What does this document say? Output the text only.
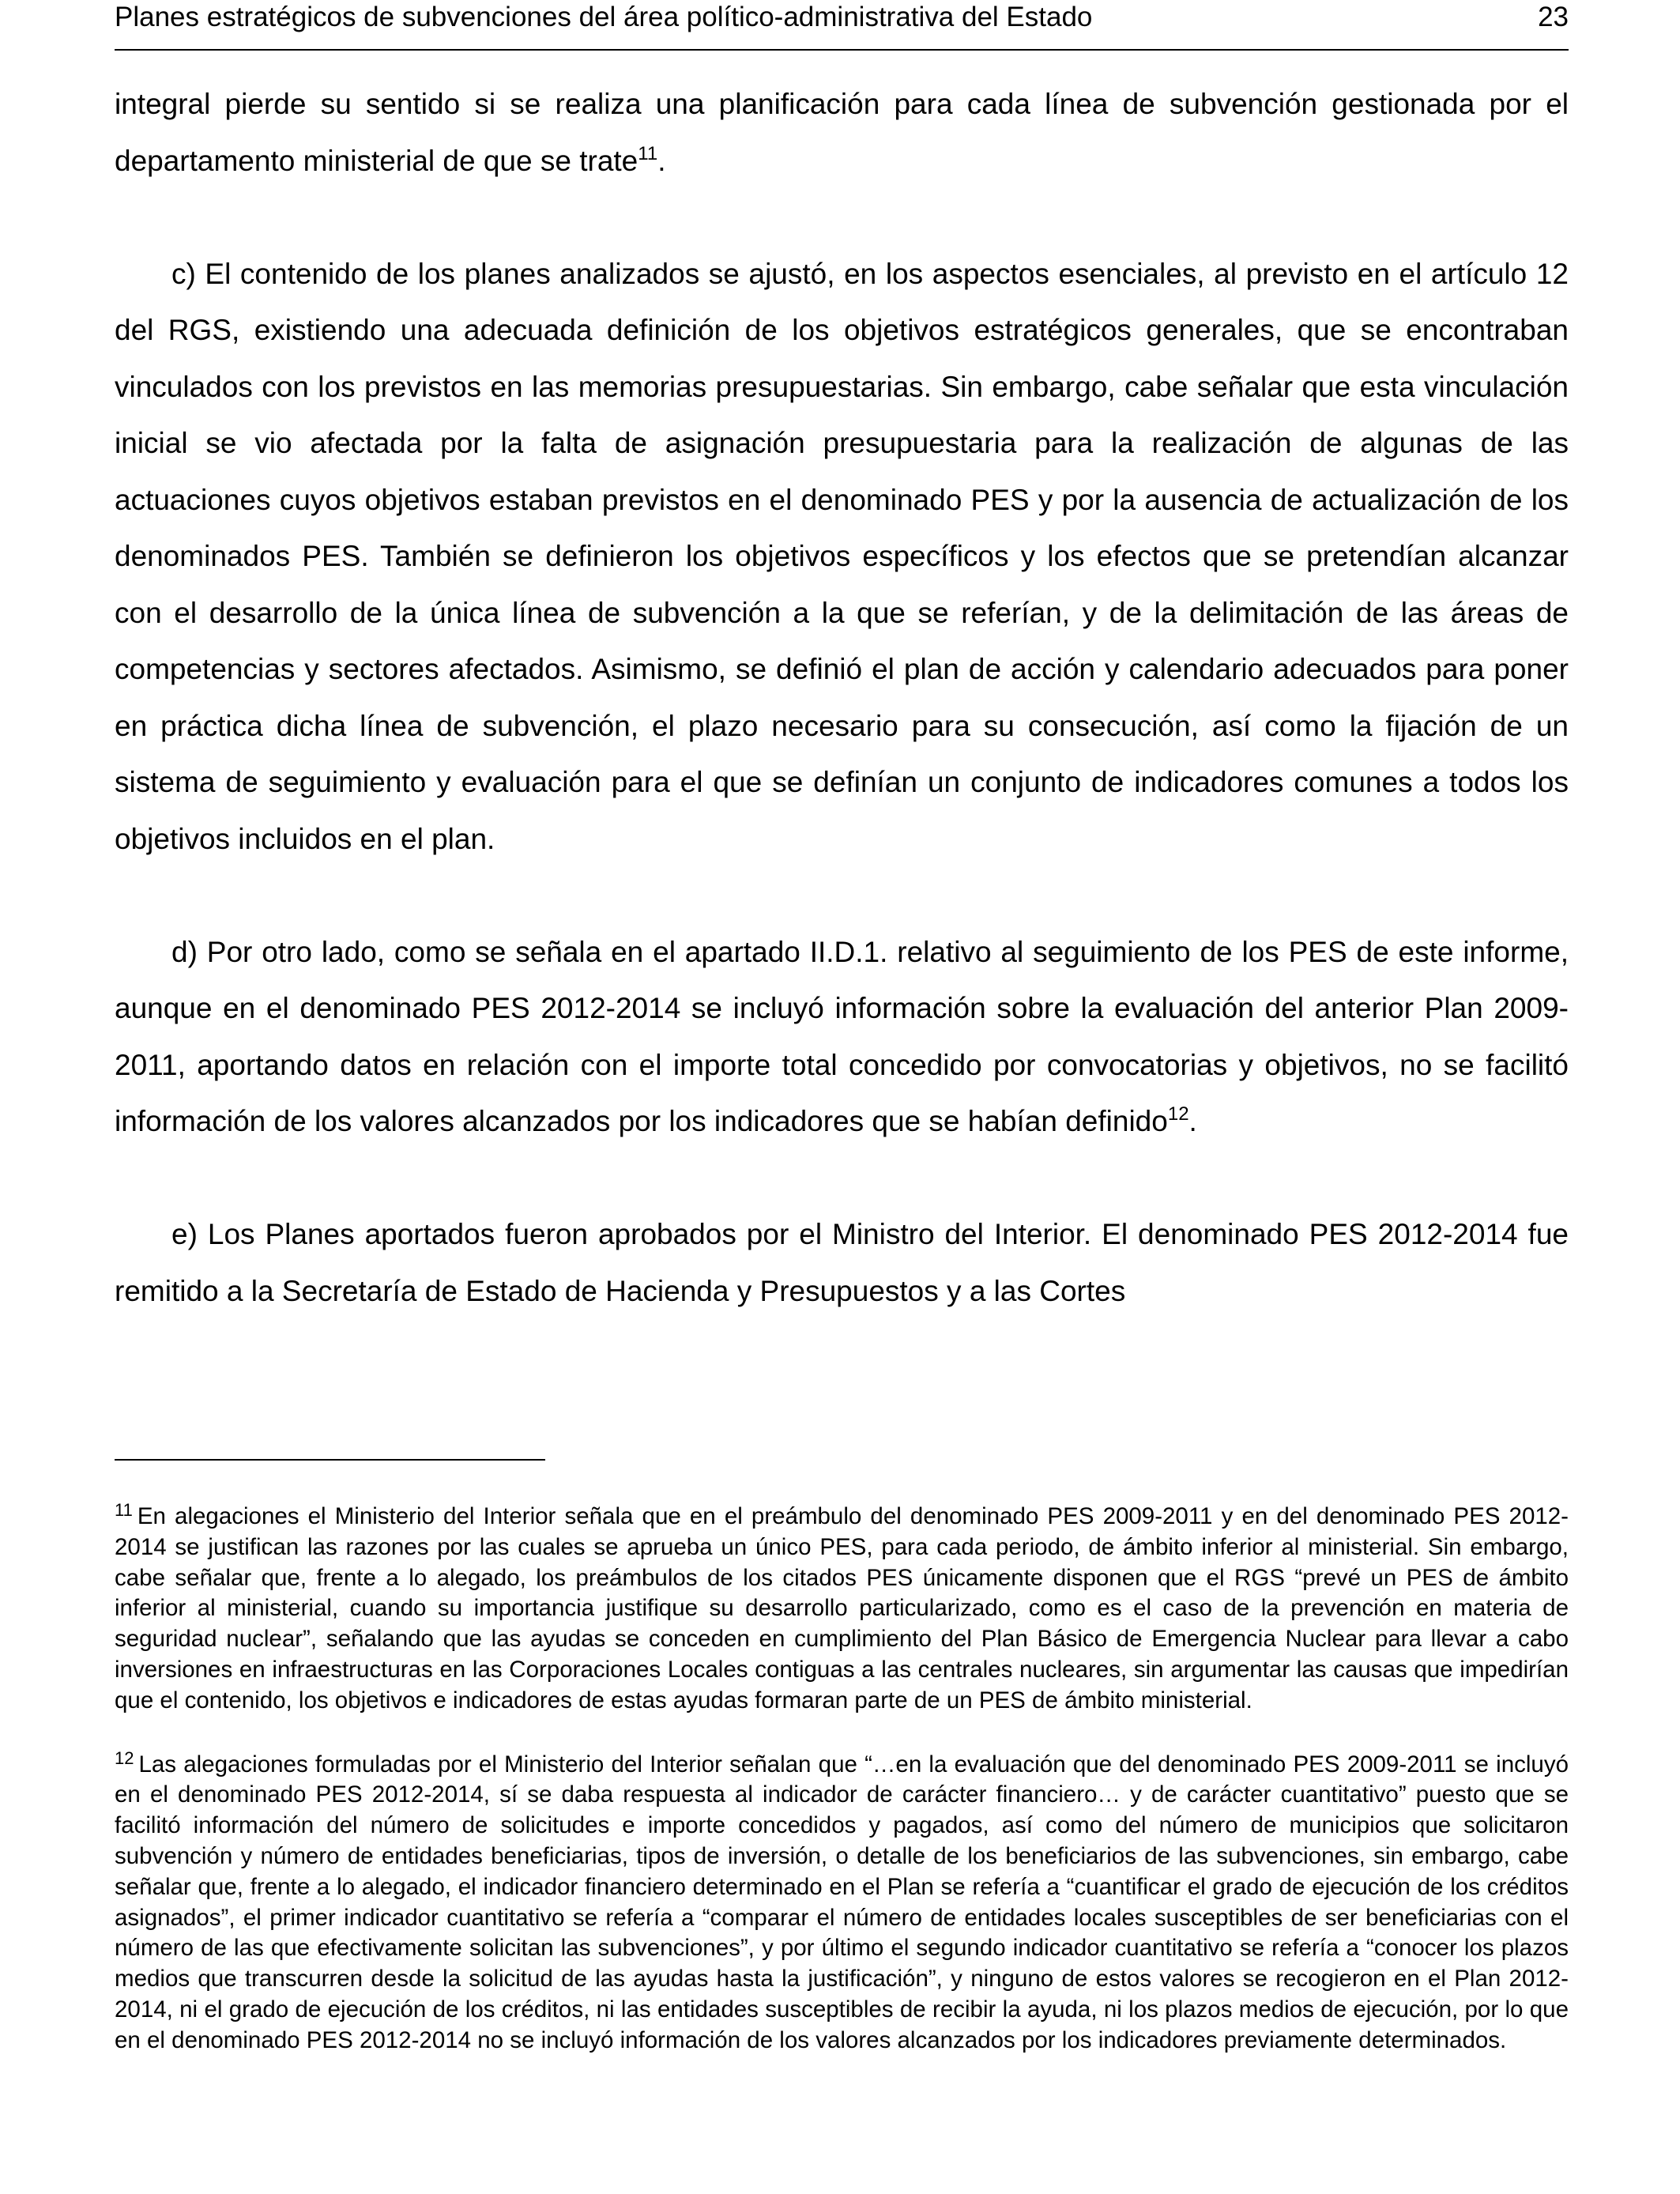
Planes estratégicos de subvenciones del área político-administrativa del Estado	23

integral pierde su sentido si se realiza una planificación para cada línea de subvención gestionada por el departamento ministerial de que se trate$^{11}$.

c) El contenido de los planes analizados se ajustó, en los aspectos esenciales, al previsto en el artículo 12 del RGS, existiendo una adecuada definición de los objetivos estratégicos generales, que se encontraban vinculados con los previstos en las memorias presupuestarias. Sin embargo, cabe señalar que esta vinculación inicial se vio afectada por la falta de asignación presupuestaria para la realización de algunas de las actuaciones cuyos objetivos estaban previstos en el denominado PES y por la ausencia de actualización de los denominados PES. También se definieron los objetivos específicos y los efectos que se pretendían alcanzar con el desarrollo de la única línea de subvención a la que se referían, y de la delimitación de las áreas de competencias y sectores afectados. Asimismo, se definió el plan de acción y calendario adecuados para poner en práctica dicha línea de subvención, el plazo necesario para su consecución, así como la fijación de un sistema de seguimiento y evaluación para el que se definían un conjunto de indicadores comunes a todos los objetivos incluidos en el plan.

d) Por otro lado, como se señala en el apartado II.D.1. relativo al seguimiento de los PES de este informe, aunque en el denominado PES 2012-2014 se incluyó información sobre la evaluación del anterior Plan 2009-2011, aportando datos en relación con el importe total concedido por convocatorias y objetivos, no se facilitó información de los valores alcanzados por los indicadores que se habían definido$^{12}$.

e) Los Planes aportados fueron aprobados por el Ministro del Interior. El denominado PES 2012-2014 fue remitido a la Secretaría de Estado de Hacienda y Presupuestos y a las Cortes

$^{11}$ En alegaciones el Ministerio del Interior señala que en el preámbulo del denominado PES 2009-2011 y en del denominado PES 2012-2014 se justifican las razones por las cuales se aprueba un único PES, para cada periodo, de ámbito inferior al ministerial. Sin embargo, cabe señalar que, frente a lo alegado, los preámbulos de los citados PES únicamente disponen que el RGS “prevé un PES de ámbito inferior al ministerial, cuando su importancia justifique su desarrollo particularizado, como es el caso de la prevención en materia de seguridad nuclear”, señalando que las ayudas se conceden en cumplimiento del Plan Básico de Emergencia Nuclear para llevar a cabo inversiones en infraestructuras en las Corporaciones Locales contiguas a las centrales nucleares, sin argumentar las causas que impedirían que el contenido, los objetivos e indicadores de estas ayudas formaran parte de un PES de ámbito ministerial.

$^{12}$ Las alegaciones formuladas por el Ministerio del Interior señalan que “…en la evaluación que del denominado PES 2009-2011 se incluyó en el denominado PES 2012-2014, sí se daba respuesta al indicador de carácter financiero… y de carácter cuantitativo” puesto que se facilitó información del número de solicitudes e importe concedidos y pagados, así como del número de municipios que solicitaron subvención y número de entidades beneficiarias, tipos de inversión, o detalle de los beneficiarios de las subvenciones, sin embargo, cabe señalar que, frente a lo alegado, el indicador financiero determinado en el Plan se refería a “cuantificar el grado de ejecución de los créditos asignados”, el primer indicador cuantitativo se refería a “comparar el número de entidades locales susceptibles de ser beneficiarias con el número de las que efectivamente solicitan las subvenciones”, y por último el segundo indicador cuantitativo se refería a “conocer los plazos medios que transcurren desde la solicitud de las ayudas hasta la justificación”, y ninguno de estos valores se recogieron en el Plan 2012-2014, ni el grado de ejecución de los créditos, ni las entidades susceptibles de recibir la ayuda, ni los plazos medios de ejecución, por lo que en el denominado PES 2012-2014 no se incluyó información de los valores alcanzados por los indicadores previamente determinados.
